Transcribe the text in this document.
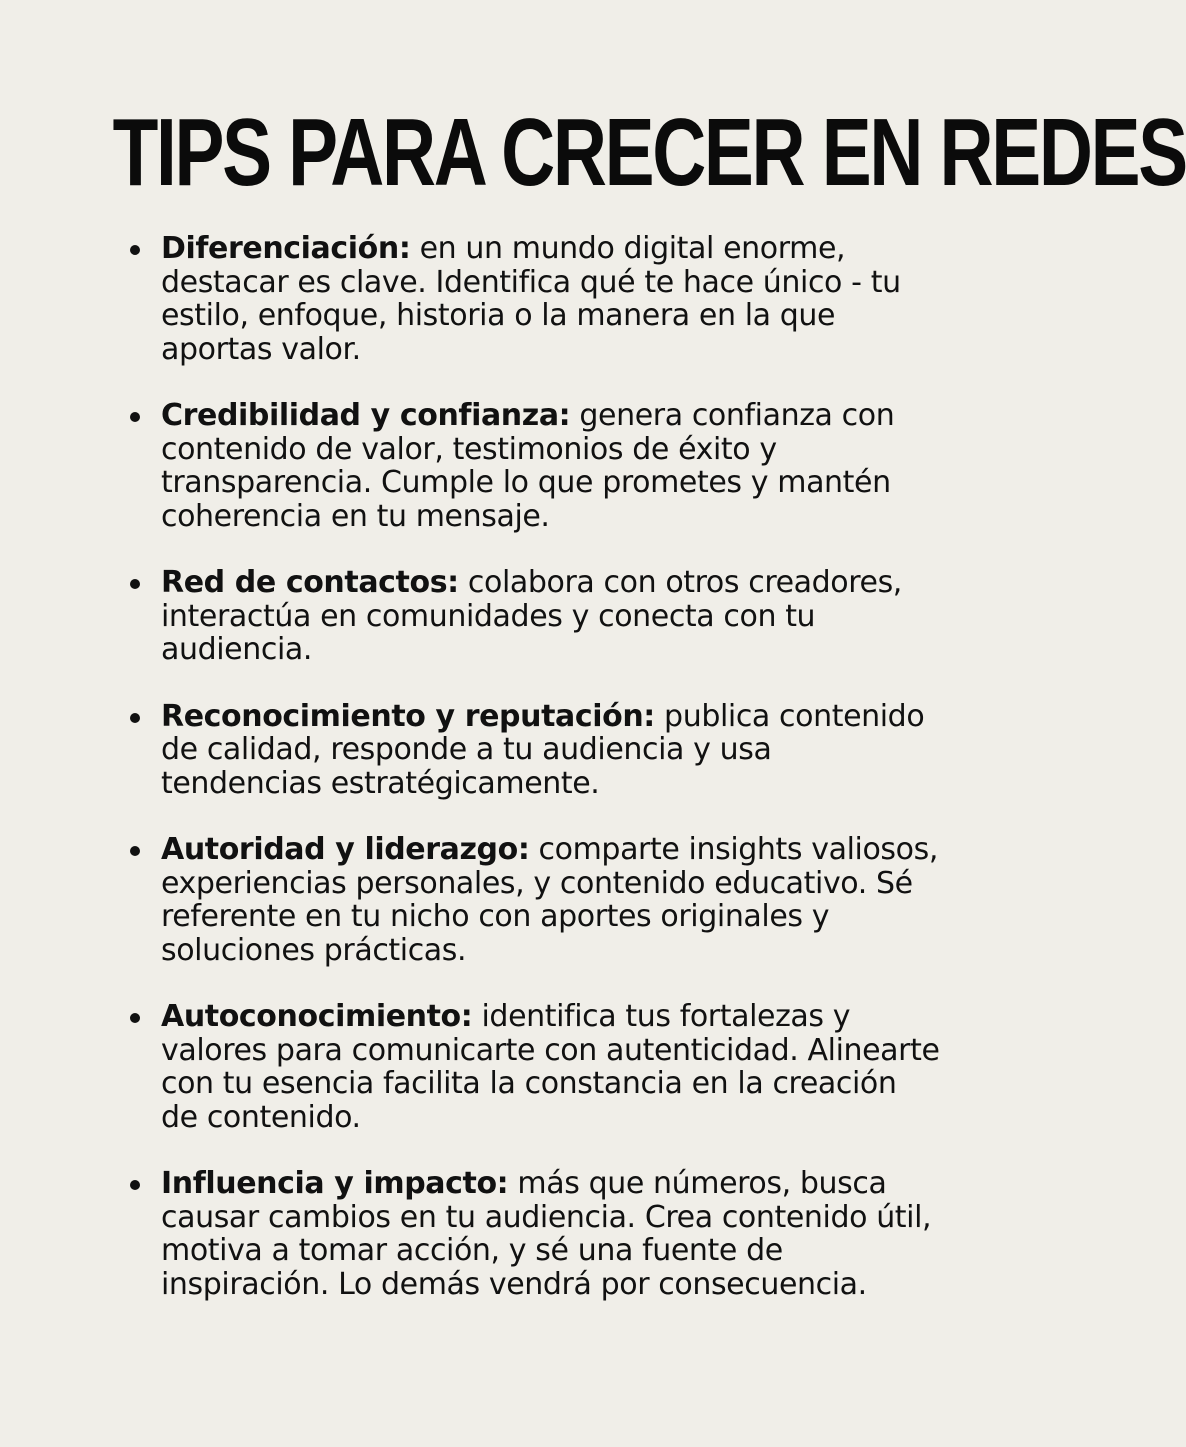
TIPS PARA CRECER EN REDES
Diferenciación: en un mundo digital enorme, destacar es clave. Identifica qué te hace único - tu estilo, enfoque, historia o la manera en la que aportas valor.
Credibilidad y confianza: genera confianza con contenido de valor, testimonios de éxito y transparencia. Cumple lo que prometes y mantén coherencia en tu mensaje.
Red de contactos: colabora con otros creadores, interactúa en comunidades y conecta con tu audiencia.
Reconocimiento y reputación: publica contenido de calidad, responde a tu audiencia y usa tendencias estratégicamente.
Autoridad y liderazgo: comparte insights valiosos, experiencias personales, y contenido educativo. Sé referente en tu nicho con aportes originales y soluciones prácticas.
Autoconocimiento: identifica tus fortalezas y valores para comunicarte con autenticidad. Alinearte con tu esencia facilita la constancia en la creación de contenido.
Influencia y impacto: más que números, busca causar cambios en tu audiencia. Crea contenido útil, motiva a tomar acción, y sé una fuente de inspiración. Lo demás vendrá por consecuencia.
